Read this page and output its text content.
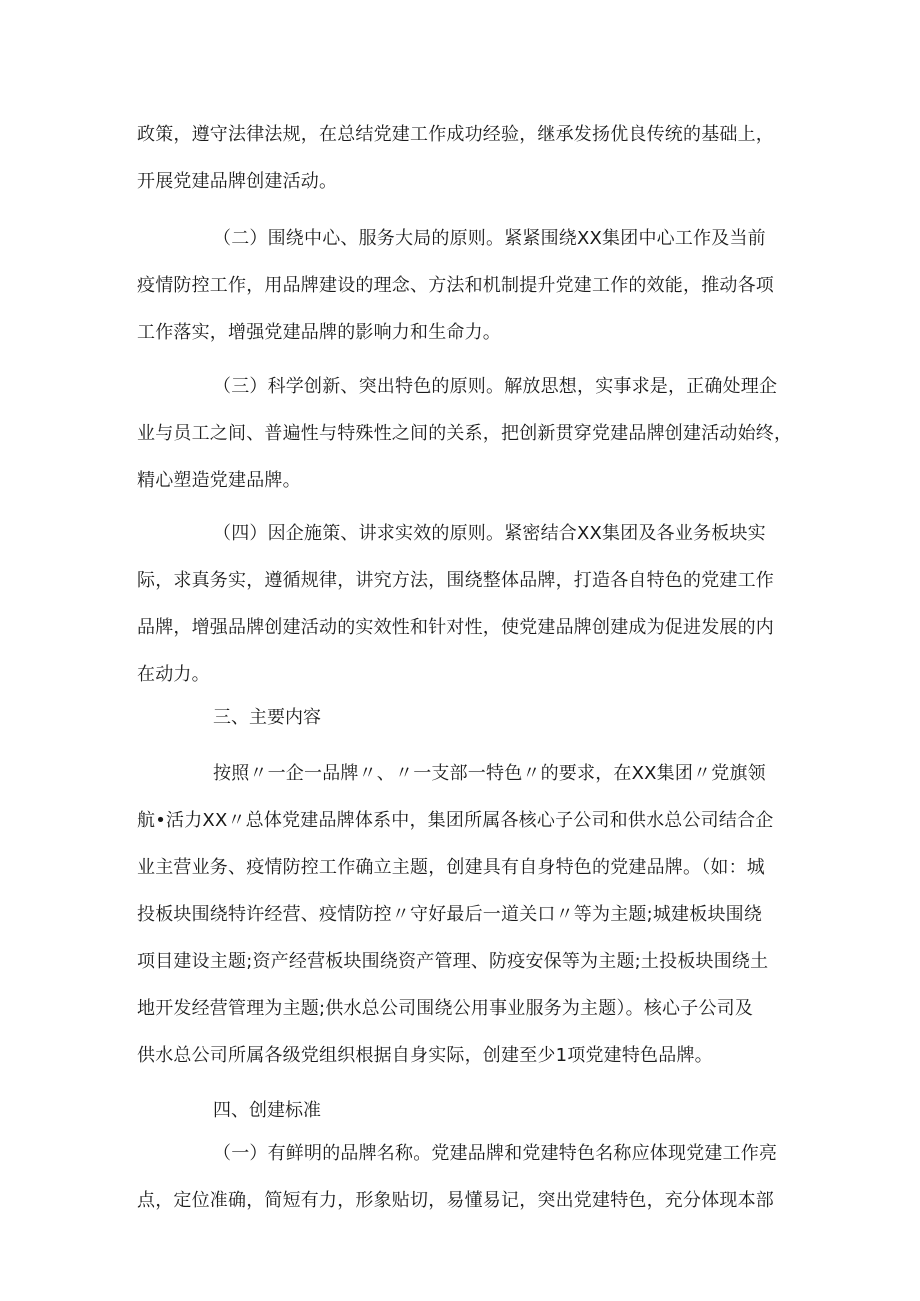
政策，遵守法律法规，在总结党建工作成功经验，继承发扬优良传统的基础上，
开展党建品牌创建活动。
（二）围绕中心、服务大局的原则。紧紧围绕XX集团中心工作及当前
疫情防控工作，用品牌建设的理念、方法和机制提升党建工作的效能，推动各项
工作落实，增强党建品牌的影响力和生命力。
（三）科学创新、突出特色的原则。解放思想，实事求是，正确处理企
业与员工之间、普遍性与特殊性之间的关系，把创新贯穿党建品牌创建活动始终，
精心塑造党建品牌。
（四）因企施策、讲求实效的原则。紧密结合XX集团及各业务板块实
际，求真务实，遵循规律，讲究方法，围绕整体品牌，打造各自特色的党建工作
品牌，增强品牌创建活动的实效性和针对性，使党建品牌创建成为促进发展的内
在动力。
三、主要内容
按照〃一企一品牌〃、〃一支部一特色〃的要求，在XX集团〃党旗领
航•活力XX〃总体党建品牌体系中，集团所属各核心子公司和供水总公司结合企
业主营业务、疫情防控工作确立主题，创建具有自身特色的党建品牌。（如：城
投板块围绕特许经营、疫情防控〃守好最后一道关口〃等为主题;城建板块围绕
项目建设主题;资产经营板块围绕资产管理、防疫安保等为主题;土投板块围绕土
地开发经营管理为主题;供水总公司围绕公用事业服务为主题）。核心子公司及
供水总公司所属各级党组织根据自身实际，创建至少1项党建特色品牌。
四、创建标准
（一）有鲜明的品牌名称。党建品牌和党建特色名称应体现党建工作亮
点，定位准确，简短有力，形象贴切，易懂易记，突出党建特色，充分体现本部
